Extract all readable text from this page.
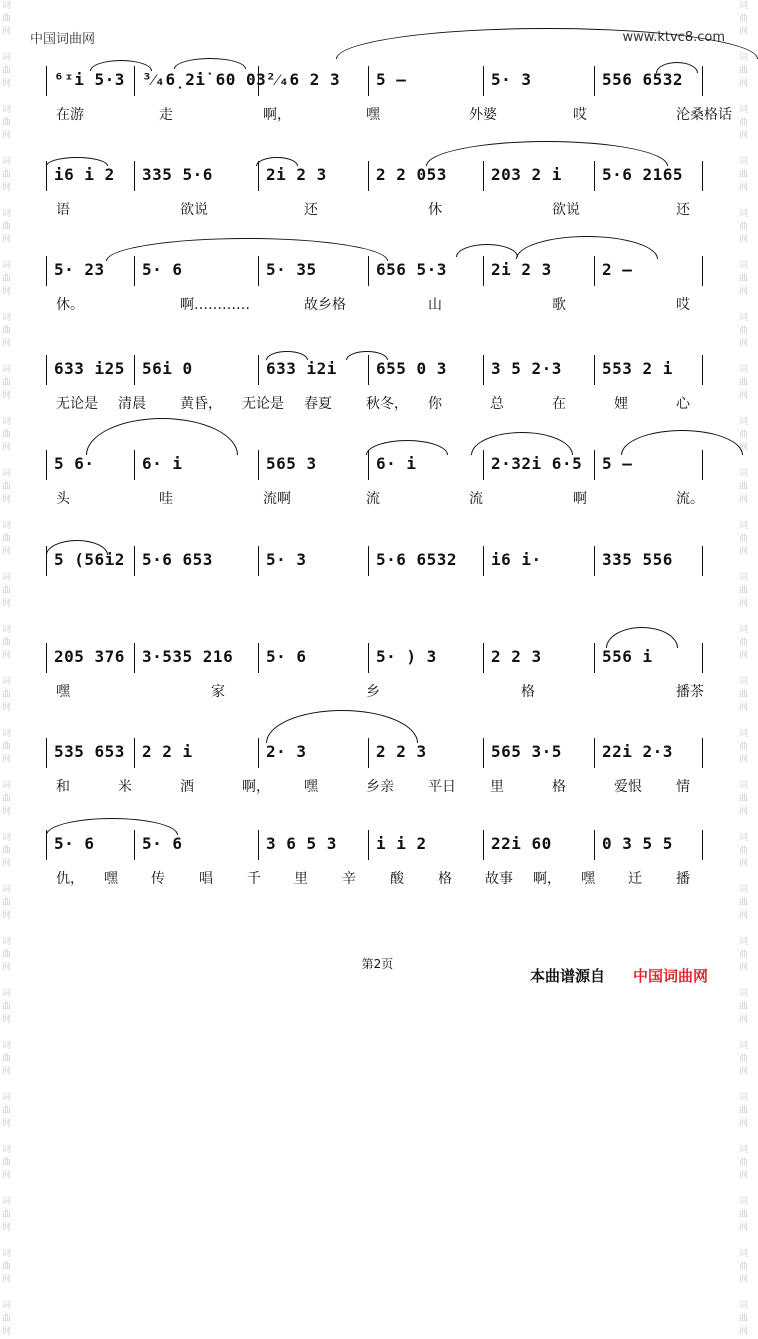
中国词曲网	www.ktvc8.com
词
曲
网

词
曲
网

词
曲
网

词
曲
网

词
曲
网

词
曲
网

词
曲
网

词
曲
网

词
曲
网

词
曲
网

词
曲
网

词
曲
网

词
曲
网

词
曲
网

词
曲
网

词
曲
网

词
曲
网

词
曲
网

词
曲
网

词
曲
网

词
曲
网

词
曲
网

词
曲
网

词
曲
网

词
曲
网

词
曲
网

词
曲
网

词
曲
网

词
曲
网

词
曲
网

词
曲
网

词
曲
网

词
曲
网

词
曲
网

词
曲
网

词
曲
网

词
曲
网

词
曲
网

词
曲
网

词
曲
网

词
曲
网

词
曲
网

词
曲
网

词
曲
网

词
曲
网

词
曲
网

词
曲
网

词
曲
网

词
曲
网

词
曲
网

词
曲
网

词
曲
网

⁶ᶦi 5·3 ³⁄₄6̣2̇i̇ 60 03 ²⁄₄6 2 3 5 –	5· 3	556 6532
在游	走	啊，	嘿	外婆	哎	沦桑格话
i6 i 2 335 5·6	2i 2 3	2 2 053	203 2 i	5·6 2165
语	欲说	还	休	欲说	还
5· 23 5· 6	5· 35	656 5·3	2i 2 3	2 –
休。	啊…………	故乡格	山	歌	哎
633 i25 56i 0	633 i2i 655 0 3	3 5 2·3	553 2 i
无论是 清晨 黄昏， 无论是 春夏 秋冬， 你	总	在	娌	心
5 6·	6· i	565 3	6· i	2·32i 6·5 5 –
头	哇	流啊	流	流	啊	流。
5 (56i2 5·6 653	5· 3	5·6 6532 i6 i·	335 556
205 376 3·535 216 5· 6	5· ) 3	2 2 3	556 i
嘿	家	乡	格	播茶
535 653 2 2 i	2· 3	2 2 3	565 3·5	22i 2·3
和	米	酒	啊， 嘿	乡亲 平日 里	格	爱恨 情
5· 6	5· 6	3 6 5 3 i i 2	22i 60	0 3 5 5
仇， 嘿 传 唱 千 里 辛 酸 格 故事 啊， 嘿 迁 播
第2页
本曲谱源自 中国词曲网
